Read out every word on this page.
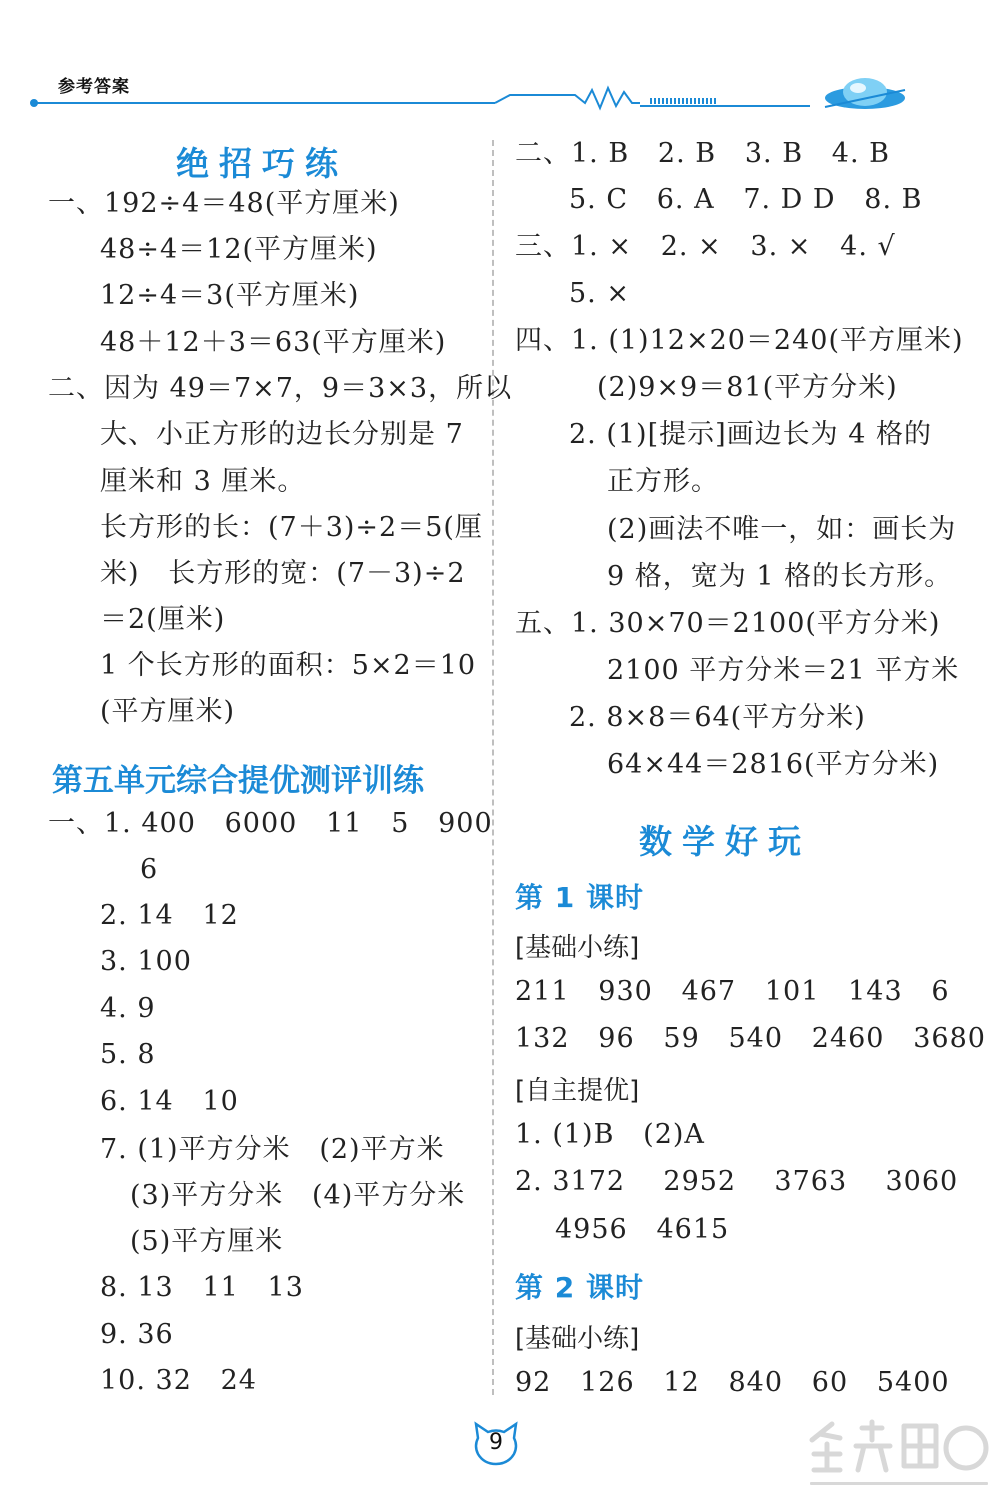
参考答案
绝招巧练
一、192÷4＝48(平方厘米)
48÷4＝12(平方厘米)
12÷4＝3(平方厘米)
48＋12＋3＝63(平方厘米)
二、因为 49＝7×7，9＝3×3，所以
大、小正方形的边长分别是 7
厘米和 3 厘米。
长方形的长：(7＋3)÷2＝5(厘
米)   长方形的宽：(7－3)÷2
＝2(厘米)
1 个长方形的面积：5×2＝10
(平方厘米)
第五单元综合提优测评训练
一、1. 400   6000   11   5   900
6
2. 14   12
3. 100
4. 9
5. 8
6. 14   10
7. (1)平方分米   (2)平方米
(3)平方分米   (4)平方分米
(5)平方厘米
8. 13   11   13
9. 36
10. 32   24
二、1. B   2. B   3. B   4. B
5. C   6. A   7. D D   8. B
三、1. ×   2. ×   3. ×   4. √
5. ×
四、1. (1)12×20＝240(平方厘米)
(2)9×9＝81(平方分米)
2. (1)[提示]画边长为 4 格的
正方形。
(2)画法不唯一，如：画长为
9 格，宽为 1 格的长方形。
五、1. 30×70＝2100(平方分米)
2100 平方分米＝21 平方米
2. 8×8＝64(平方分米)
64×44＝2816(平方分米)
数学好玩
第 1 课时
[基础小练]
211   930   467   101   143   6
132   96   59   540   2460   3680
[自主提优]
1. (1)B   (2)A
2. 3172    2952    3763    3060
4956   4615
第 2 课时
[基础小练]
92   126   12   840   60   5400
9
